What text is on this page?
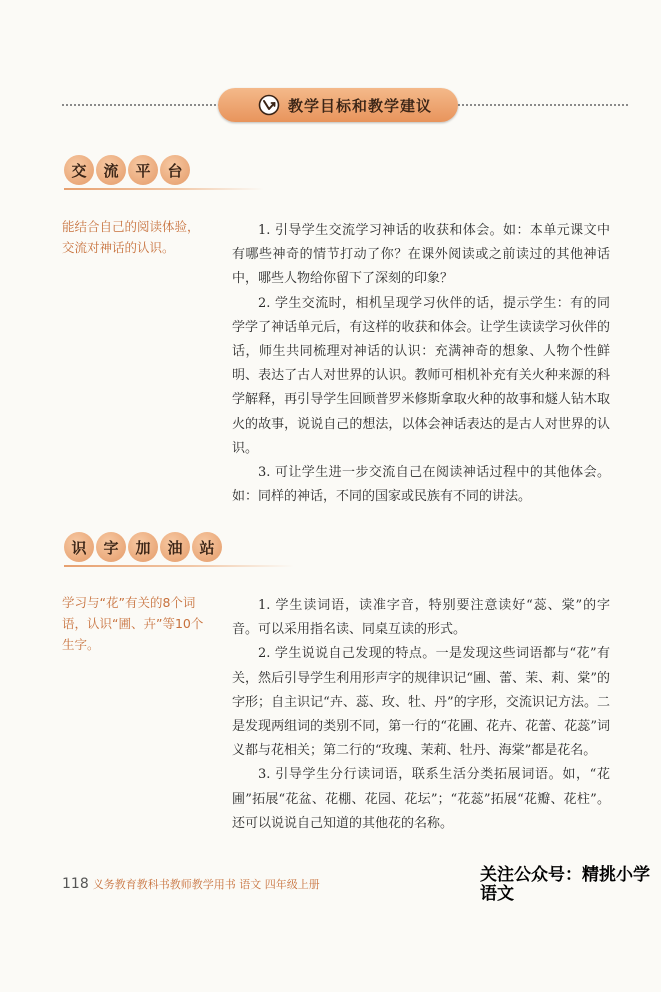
教学目标和教学建议
交	流	平	台
能结合自己的阅读体验，交流对神话的认识。

1. 引导学生交流学习神话的收获和体会。如：本单元课文中有哪些神奇的情节打动了你？在课外阅读或之前读过的其他神话中，哪些人物给你留下了深刻的印象？

2. 学生交流时，相机呈现学习伙伴的话，提示学生：有的同学学了神话单元后，有这样的收获和体会。让学生读读学习伙伴的话，师生共同梳理对神话的认识：充满神奇的想象、人物个性鲜明、表达了古人对世界的认识。教师可相机补充有关火种来源的科学解释，再引导学生回顾普罗米修斯拿取火种的故事和燧人钻木取火的故事，说说自己的想法，以体会神话表达的是古人对世界的认识。

3. 可让学生进一步交流自己在阅读神话过程中的其他体会。如：同样的神话，不同的国家或民族有不同的讲法。

识	字	加	油	站
学习与“花”有关的8个词语，认识“圃、卉”等10个生字。

1. 学生读词语，读准字音，特别要注意读好“蕊、棠”的字音。可以采用指名读、同桌互读的形式。

2. 学生说说自己发现的特点。一是发现这些词语都与“花”有关，然后引导学生利用形声字的规律识记“圃、蕾、茉、莉、棠”的字形；自主识记“卉、蕊、玫、牡、丹”的字形，交流识记方法。二是发现两组词的类别不同，第一行的“花圃、花卉、花蕾、花蕊”词义都与花相关；第二行的“玫瑰、茉莉、牡丹、海棠”都是花名。

3. 引导学生分行读词语，联系生活分类拓展词语。如，“花圃”拓展“花盆、花棚、花园、花坛”；“花蕊”拓展“花瓣、花柱”。还可以说说自己知道的其他花的名称。

关注公众号：精挑小学语文
118 义务教育教科书教师教学用书 语文 四年级上册
